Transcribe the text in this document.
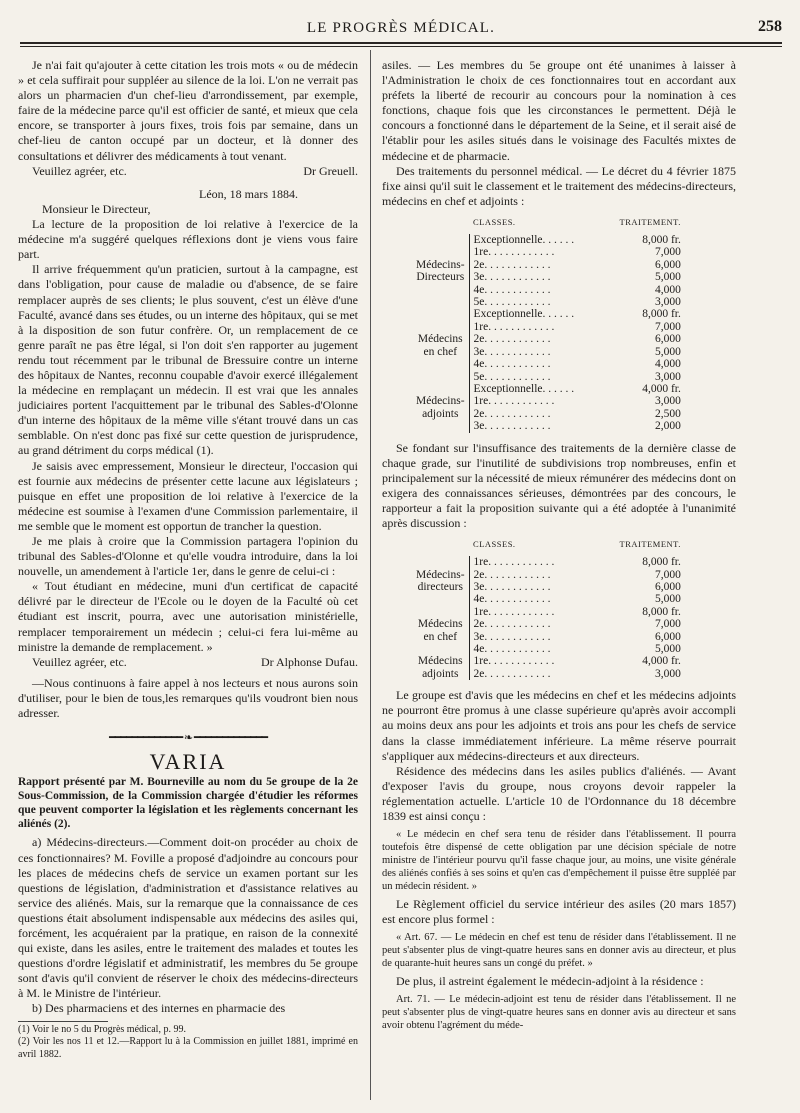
LE PROGRÈS MÉDICAL.	258

Je n'ai fait qu'ajouter à cette citation les trois mots « ou de médecin » et cela suffirait pour suppléer au silence de la loi. L'on ne verrait pas alors un pharmacien d'un chef-lieu d'arrondissement, par exemple, faire de la médecine parce qu'il est officier de santé, et mieux que cela encore, se transporter à jours fixes, trois fois par semaine, dans un chef-lieu de canton occupé par un docteur, et là donner des consultations et délivrer des médicaments à tout venant.

Veuillez agréer, etc.	Dr Greuell.

Léon, 18 mars 1884.

Monsieur le Directeur,

La lecture de la proposition de loi relative à l'exercice de la médecine m'a suggéré quelques réflexions dont je viens vous faire part.

Il arrive fréquemment qu'un praticien, surtout à la campagne, est dans l'obligation, pour cause de maladie ou d'absence, de se faire remplacer auprès de ses clients; le plus souvent, c'est un élève d'une Faculté, avancé dans ses études, ou un interne des hôpitaux, qui se met à la disposition de son futur confrère. Or, un remplacement de ce genre paraît ne pas être légal, si l'on doit s'en rapporter au jugement rendu tout récemment par le tribunal de Bressuire contre un interne des hôpitaux de Nantes, reconnu coupable d'avoir exercé illégalement la médecine en remplaçant un médecin. Il est vrai que les annales judiciaires portent l'acquittement par le tribunal des Sables-d'Olonne d'un interne des hôpitaux de la même ville s'étant trouvé dans un cas semblable. On n'est donc pas fixé sur cette question de jurisprudence, au grand détriment du corps médical (1).

Je saisis avec empressement, Monsieur le directeur, l'occasion qui est fournie aux médecins de présenter cette lacune aux législateurs ; puisque en effet une proposition de loi relative à l'exercice de la médecine est soumise à l'examen d'une Commission parlementaire, il me semble que le moment est opportun de trancher la question.

Je me plais à croire que la Commission partagera l'opinion du tribunal des Sables-d'Olonne et qu'elle voudra introduire, dans la loi nouvelle, un amendement à l'article 1er, dans le genre de celui-ci :

« Tout étudiant en médecine, muni d'un certificat de capacité délivré par le directeur de l'Ecole ou le doyen de la Faculté où cet étudiant est inscrit, pourra, avec une autorisation ministérielle, remplacer temporairement un médecin ; celui-ci fera lui-même au ministre la demande de remplacement. »

Veuillez agréer, etc.	Dr Alphonse Dufau.

—Nous continuons à faire appel à nos lecteurs et nous aurons soin d'utiliser, pour le bien de tous,les remarques qu'ils voudront bien nous adresser.

━━━━━━━━━━━━━ ❧ ━━━━━━━━━━━━━
VARIA

Rapport présenté par M. Bourneville au nom du 5e groupe de la 2e Sous-Commission, de la Commission chargée d'étudier les réformes que peuvent comporter la législation et les règlements concernant les aliénés (2).

a) Médecins-directeurs.—Comment doit-on procéder au choix de ces fonctionnaires? M. Foville a proposé d'adjoindre au concours pour les places de médecins chefs de service un examen portant sur les questions de législation, d'administration et d'assistance relatives au service des aliénés. Mais, sur la remarque que la connaissance de ces questions était absolument indispensable aux médecins des asiles qui, forcément, les acquéraient par la pratique, en raison de la connexité qui existe, dans les asiles, entre le traitement des malades et toutes les questions d'ordre législatif et administratif, les membres du 5e groupe sont d'avis qu'il convient de réserver le choix des médecins-directeurs à M. le Ministre de l'intérieur.

b) Des pharmaciens et des internes en pharmacie des

(1) Voir le no 5 du Progrès médical, p. 99.

(2) Voir les nos 11 et 12.—Rapport lu à la Commission en juillet 1881, imprimé en avril 1882.

asiles. — Les membres du 5e groupe ont été unanimes à laisser à l'Administration le choix de ces fonctionnaires tout en accordant aux préfets la liberté de recourir au concours pour la nomination à ces fonctions, chaque fois que les circonstances le permettent. Déjà le concours a fonctionné dans le département de la Seine, et il serait aisé de l'établir pour les asiles situés dans le voisinage des Facultés mixtes de médecine et de pharmacie.

Des traitements du personnel médical. — Le décret du 4 février 1875 fixe ainsi qu'il suit le classement et le traitement des médecins-directeurs, médecins en chef et adjoints :

	CLASSES.	TRAITEMENT.
Médecins-
Directeurs	Exceptionnelle. . . . . .	8,000 fr.
	1re. . . . . . . . . . . .	7,000
	2e. . . . . . . . . . . .	6,000
	3e. . . . . . . . . . . .	5,000
	4e. . . . . . . . . . . .	4,000
	5e. . . . . . . . . . . .	3,000
Médecins
en chef	Exceptionnelle. . . . . .	8,000 fr.
	1re. . . . . . . . . . . .	7,000
	2e. . . . . . . . . . . .	6,000
	3e. . . . . . . . . . . .	5,000
	4e. . . . . . . . . . . .	4,000
	5e. . . . . . . . . . . .	3,000
Médecins-
adjoints	Exceptionnelle. . . . . .	4,000 fr.
	1re. . . . . . . . . . . .	3,000
	2e. . . . . . . . . . . .	2,500
	3e. . . . . . . . . . . .	2,000

Se fondant sur l'insuffisance des traitements de la dernière classe de chaque grade, sur l'inutilité de subdivisions trop nombreuses, enfin et principalement sur la nécessité de mieux rémunérer des médecins dont on exigera des connaissances sérieuses, démontrées par des concours, le rapporteur a fait la proposition suivante qui a été adoptée à l'unanimité après discussion :

	CLASSES.	TRAITEMENT.
Médecins-
directeurs	1re. . . . . . . . . . . .	8,000 fr.
	2e. . . . . . . . . . . .	7,000
	3e. . . . . . . . . . . .	6,000
	4e. . . . . . . . . . . .	5,000
Médecins
en chef	1re. . . . . . . . . . . .	8,000 fr.
	2e. . . . . . . . . . . .	7,000
	3e. . . . . . . . . . . .	6,000
	4e. . . . . . . . . . . .	5,000
Médecins
adjoints	1re. . . . . . . . . . . .	4,000 fr.
	2e. . . . . . . . . . . .	3,000

Le groupe est d'avis que les médecins en chef et les médecins adjoints ne pourront être promus à une classe supérieure qu'après avoir accompli au moins deux ans pour les adjoints et trois ans pour les chefs de service dans la classe immédiatement inférieure. La même réserve pourrait s'appliquer aux médecins-directeurs et aux directeurs.

Résidence des médecins dans les asiles publics d'aliénés. — Avant d'exposer l'avis du groupe, nous croyons devoir rappeler la réglementation actuelle. L'article 10 de l'Ordonnance du 18 décembre 1839 est ainsi conçu :

« Le médecin en chef sera tenu de résider dans l'établissement. Il pourra toutefois être dispensé de cette obligation par une décision spéciale de notre ministre de l'intérieur pourvu qu'il fasse chaque jour, au moins, une visite générale des aliénés confiés à ses soins et qu'en cas d'empêchement il puisse être suppléé par un médecin résident. »

Le Règlement officiel du service intérieur des asiles (20 mars 1857) est encore plus formel :

« Art. 67. — Le médecin en chef est tenu de résider dans l'établissement. Il ne peut s'absenter plus de vingt-quatre heures sans en donner avis au directeur, et plus de quarante-huit heures sans un congé du préfet. »

De plus, il astreint également le médecin-adjoint à la résidence :

Art. 71. — Le médecin-adjoint est tenu de résider dans l'établissement. Il ne peut s'absenter plus de vingt-quatre heures sans en donner avis au directeur et sans avoir obtenu l'agrément du méde-
